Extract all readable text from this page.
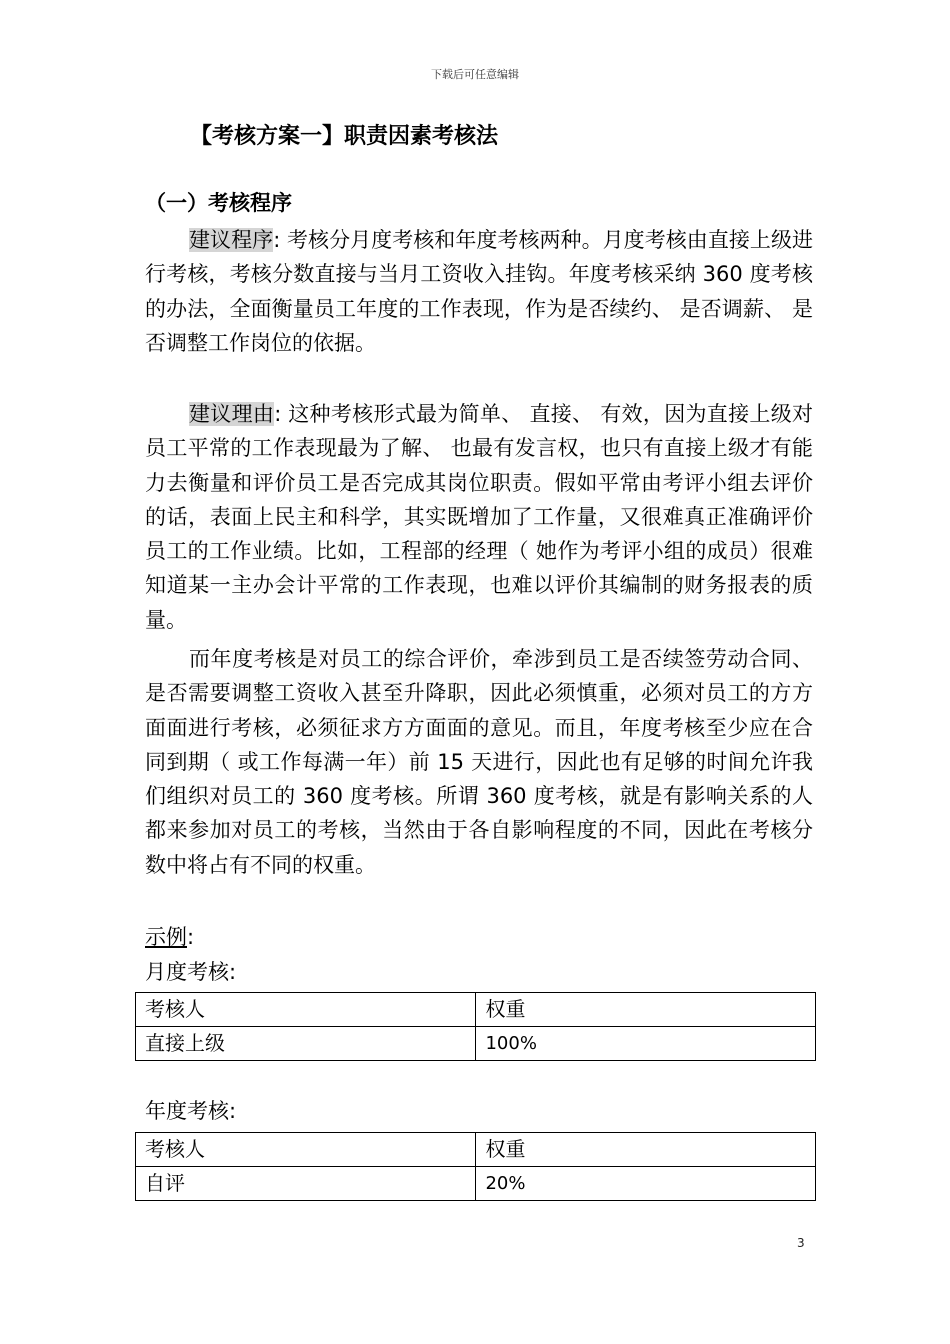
下载后可任意编辑
【考核方案一】职责因素考核法
（一）考核程序

建议程序: 考核分月度考核和年度考核两种。月度考核由直接上级进行考核，考核分数直接与当月工资收入挂钩。年度考核采纳 360 度考核的办法，全面衡量员工年度的工作表现，作为是否续约、 是否调薪、 是否调整工作岗位的依据。

建议理由: 这种考核形式最为简单、 直接、 有效，因为直接上级对员工平常的工作表现最为了解、 也最有发言权，也只有直接上级才有能力去衡量和评价员工是否完成其岗位职责。假如平常由考评小组去评价的话，表面上民主和科学，其实既增加了工作量，又很难真正准确评价员工的工作业绩。比如，工程部的经理（ 她作为考评小组的成员）很难知道某一主办会计平常的工作表现，也难以评价其编制的财务报表的质量。

而年度考核是对员工的综合评价，牵涉到员工是否续签劳动合同、 是否需要调整工资收入甚至升降职，因此必须慎重，必须对员工的方方面面进行考核，必须征求方方面面的意见。而且，年度考核至少应在合同到期（ 或工作每满一年）前 15 天进行，因此也有足够的时间允许我们组织对员工的 360 度考核。所谓 360 度考核，就是有影响关系的人都来参加对员工的考核，当然由于各自影响程度的不同，因此在考核分数中将占有不同的权重。

示例:
月度考核:
考核人	权重
直接上级	100%
年度考核:
考核人	权重
自评	20%
3
